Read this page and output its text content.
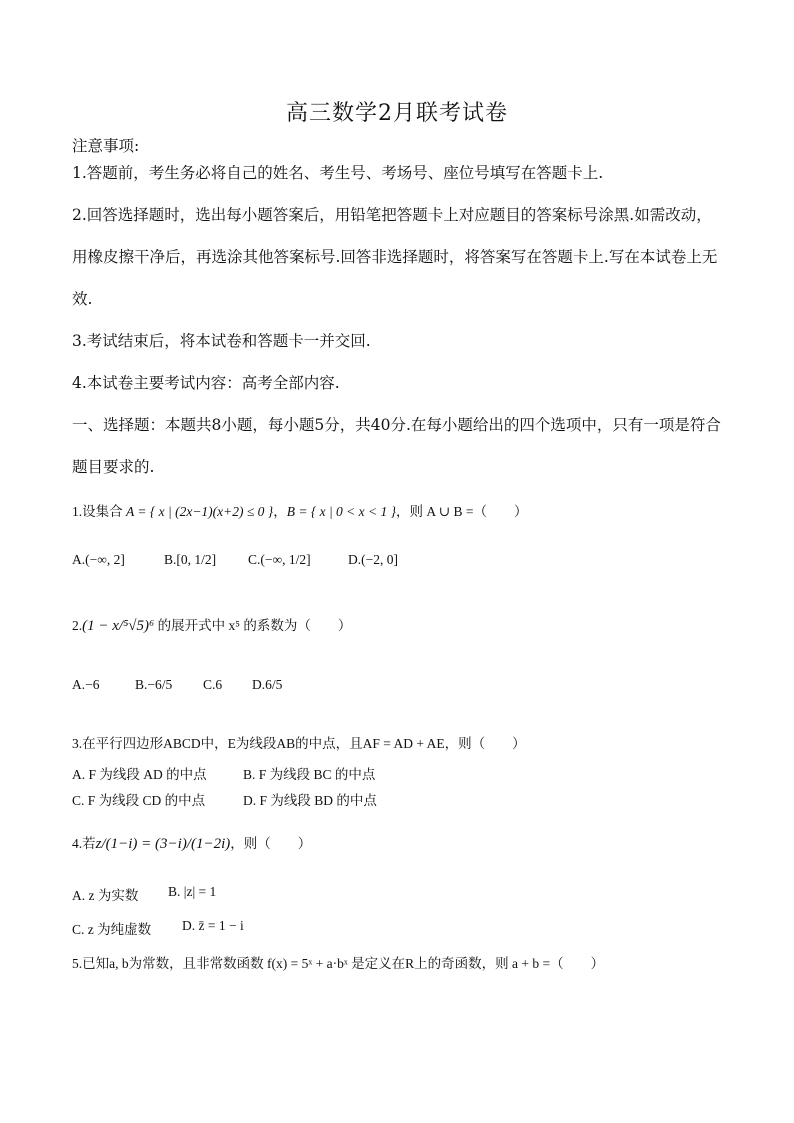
高三数学2月联考试卷
注意事项:
1.答题前，考生务必将自己的姓名、考生号、考场号、座位号填写在答题卡上.
2.回答选择题时，选出每小题答案后，用铅笔把答题卡上对应题目的答案标号涂黑.如需改动，用橡皮擦干净后，再选涂其他答案标号.回答非选择题时，将答案写在答题卡上.写在本试卷上无效.
3.考试结束后，将本试卷和答题卡一并交回.
4.本试卷主要考试内容：高考全部内容.
一、选择题：本题共8小题，每小题5分，共40分.在每小题给出的四个选项中，只有一项是符合题目要求的.
1.设集合 A = { x | (2x−1)(x+2) ≤ 0 }，B = { x | 0 < x < 1 }，则 A ∪ B =（　　）
A.(−∞, 2]	B.[0, 1/2] C.(−∞, 1/2]	D.(−2, 0]
2.(1 − x/⁵√5)⁶ 的展开式中 x⁵ 的系数为（　　）
A.−6	B.−6/5 C.6 D.6/5
3.在平行四边形ABCD中，E为线段AB的中点，且AF = AD + AE，则（　　）
A. F 为线段 AD 的中点	B. F 为线段 BC 的中点
C. F 为线段 CD 的中点	D. F 为线段 BD 的中点
4.若z/(1−i) = (3−i)/(1−2i)，则（　　）
A. z 为实数 B. |z| = 1
C. z 为纯虚数 D. z̄ = 1 − i
5.已知a, b为常数，且非常数函数 f(x) = 5ˣ + a·bˣ 是定义在R上的奇函数，则 a + b =（　　）
